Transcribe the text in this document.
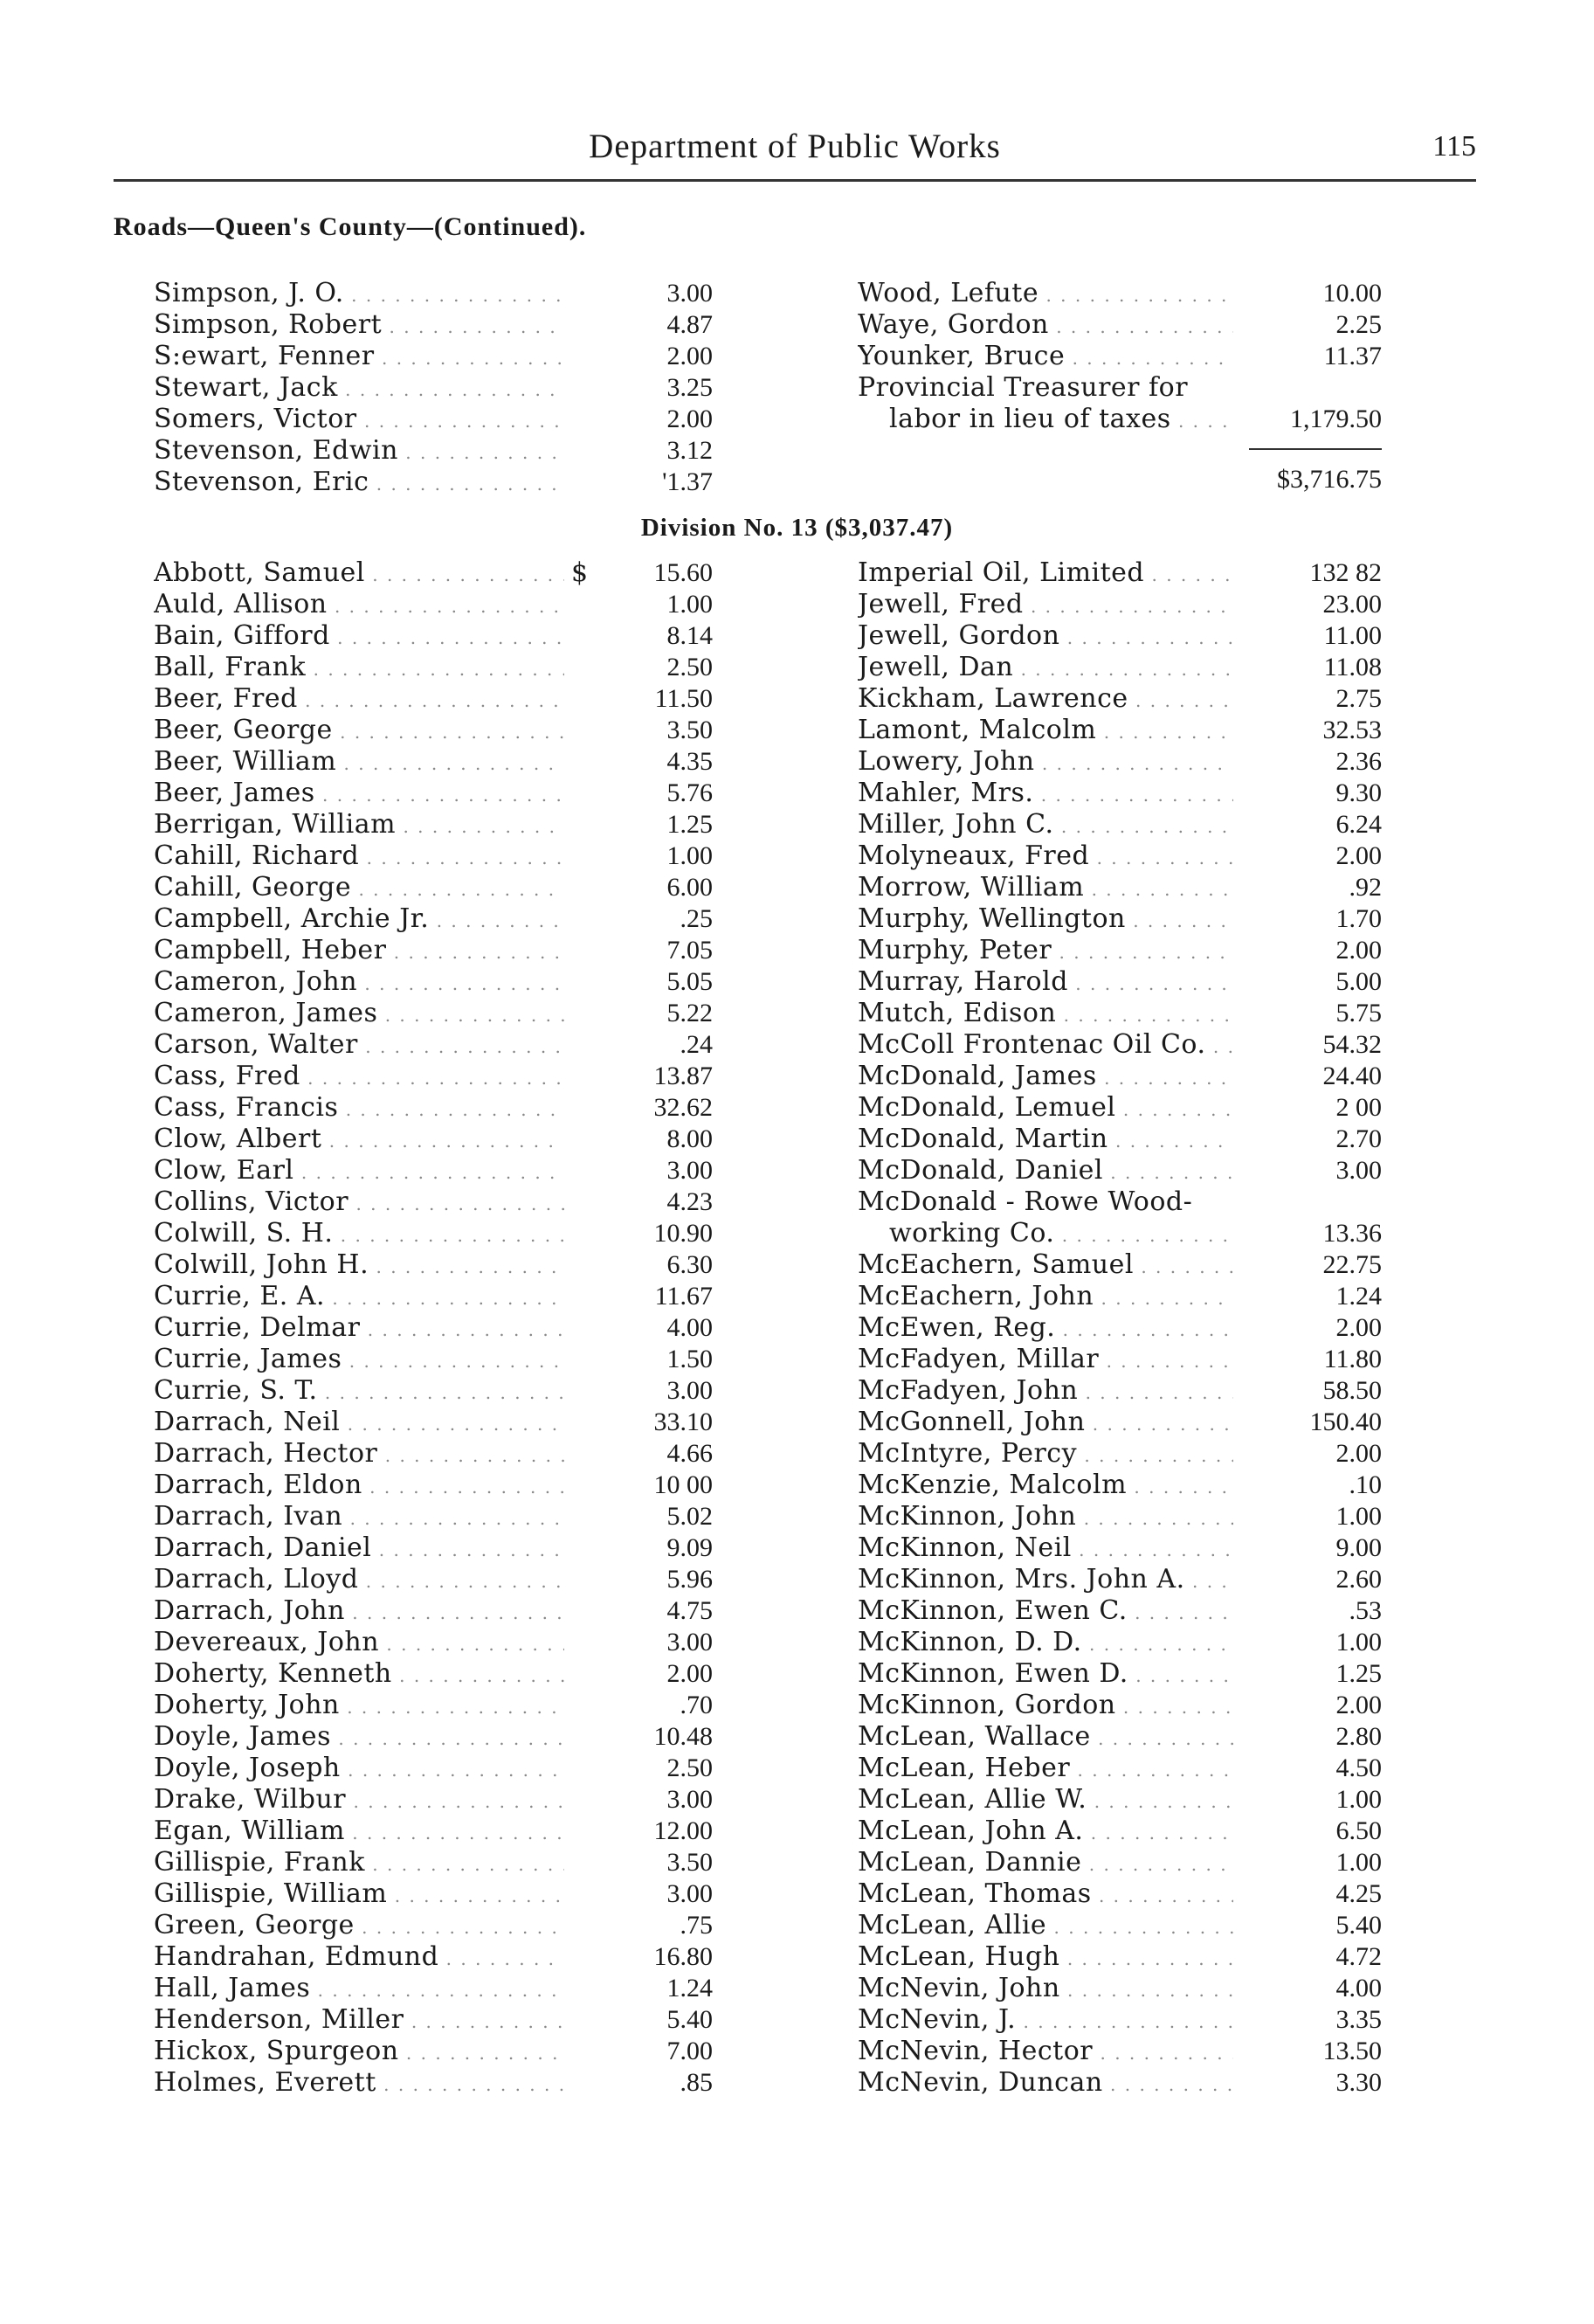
Department of Public Works	115
Roads—Queen's County—(Continued).
Simpson, J. O. . . .	3.00
Simpson, Robert . . .	4.87
S:ewart, Fenner . . .	2.00
Stewart, Jack . . .	3.25
Somers, Victor . . .	2.00
Stevenson, Edwin . . .	3.12
Stevenson, Eric . . .	'1.37
Wood, Lefute . . .	10.00
Waye, Gordon . . .	2.25
Younker, Bruce . . .	11.37
Provincial Treasurer for
labor in lieu of taxes . . .	1,179.50
$3,716.75
Division No. 13 ($3,037.47)
Abbott, Samuel . . .	$	15.60
Auld, Allison . . .	1.00
Bain, Gifford . . .	8.14
Ball, Frank . . .	2.50
Beer, Fred . . .	11.50
Beer, George . . .	3.50
Beer, William . . .	4.35
Beer, James . . .	5.76
Berrigan, William . . .	1.25
Cahill, Richard . . .	1.00
Cahill, George . . .	6.00
Campbell, Archie Jr. . . .	.25
Campbell, Heber . . .	7.05
Cameron, John . . .	5.05
Cameron, James . . .	5.22
Carson, Walter . . .	.24
Cass, Fred . . .	13.87
Cass, Francis . . .	32.62
Clow, Albert . . .	8.00
Clow, Earl . . .	3.00
Collins, Victor . . .	4.23
Colwill, S. H. . . .	10.90
Colwill, John H. . . .	6.30
Currie, E. A. . . .	11.67
Currie, Delmar . . .	4.00
Currie, James . . .	1.50
Currie, S. T. . . .	3.00
Darrach, Neil . . .	33.10
Darrach, Hector . . .	4.66
Darrach, Eldon . . .	10 00
Darrach, Ivan . . .	5.02
Darrach, Daniel . . .	9.09
Darrach, Lloyd . . .	5.96
Darrach, John . . .	4.75
Devereaux, John . . .	3.00
Doherty, Kenneth . . .	2.00
Doherty, John . . .	.70
Doyle, James . . .	10.48
Doyle, Joseph . . .	2.50
Drake, Wilbur . . .	3.00
Egan, William . . .	12.00
Gillispie, Frank . . .	3.50
Gillispie, William . . .	3.00
Green, George . . .	.75
Handrahan, Edmund . . .	16.80
Hall, James . . .	1.24
Henderson, Miller . . .	5.40
Hickox, Spurgeon . . .	7.00
Holmes, Everett . . .	.85
Imperial Oil, Limited . . .	132 82
Jewell, Fred . . .	23.00
Jewell, Gordon . . .	11.00
Jewell, Dan . . .	11.08
Kickham, Lawrence . . .	2.75
Lamont, Malcolm . . .	32.53
Lowery, John . . .	2.36
Mahler, Mrs. . . .	9.30
Miller, John C. . . .	6.24
Molyneaux, Fred . . .	2.00
Morrow, William . . .	.92
Murphy, Wellington . . .	1.70
Murphy, Peter . . .	2.00
Murray, Harold . . .	5.00
Mutch, Edison . . .	5.75
McColl Frontenac Oil Co. . . .	54.32
McDonald, James . . .	24.40
McDonald, Lemuel . . .	2 00
McDonald, Martin . . .	2.70
McDonald, Daniel . . .	3.00
McDonald - Rowe Wood-
working Co. . . .	13.36
McEachern, Samuel . . .	22.75
McEachern, John . . .	1.24
McEwen, Reg. . . .	2.00
McFadyen, Millar . . .	11.80
McFadyen, John . . .	58.50
McGonnell, John . . .	150.40
McIntyre, Percy . . .	2.00
McKenzie, Malcolm . . .	.10
McKinnon, John . . .	1.00
McKinnon, Neil . . .	9.00
McKinnon, Mrs. John A. . . .	2.60
McKinnon, Ewen C. . . .	.53
McKinnon, D. D. . . .	1.00
McKinnon, Ewen D. . . .	1.25
McKinnon, Gordon . . .	2.00
McLean, Wallace . . .	2.80
McLean, Heber . . .	4.50
McLean, Allie W. . . .	1.00
McLean, John A. . . .	6.50
McLean, Dannie . . .	1.00
McLean, Thomas . . .	4.25
McLean, Allie . . .	5.40
McLean, Hugh . . .	4.72
McNevin, John . . .	4.00
McNevin, J. . . .	3.35
McNevin, Hector . . .	13.50
McNevin, Duncan . . .	3.30
